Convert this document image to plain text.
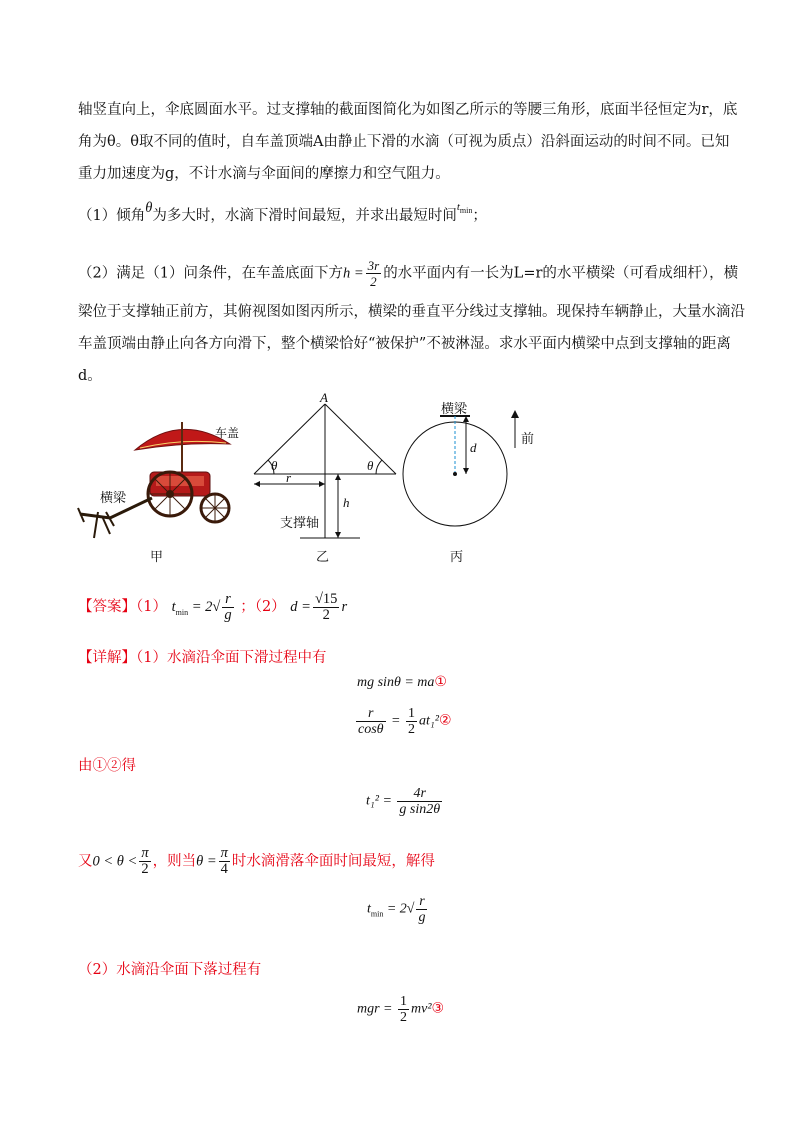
轴竖直向上，伞底圆面水平。过支撑轴的截面图简化为如图乙所示的等腰三角形，底面半径恒定为r，底
角为θ。θ取不同的值时，自车盖顶端A由静止下滑的水滴（可视为质点）沿斜面运动的时间不同。已知
重力加速度为g，不计水滴与伞面间的摩擦力和空气阻力。
（1）倾角θ为多大时，水滴下滑时间最短，并求出最短时间$^{t_{min}}$；
（2）满足（1）问条件，在车盖底面下方$h = \frac{3r}{2}$ 的水平面内有一长为L=r的水平横梁（可看成细杆），横
梁位于支撑轴正前方，其俯视图如图丙所示，横梁的垂直平分线过支撑轴。现保持车辆静止，大量水滴沿
车盖顶端由静止向各方向滑下，整个横梁恰好“被保护”不被淋湿。求水平面内横梁中点到支撑轴的距离
d。
车盖
横梁
甲
A
θ	θ
r
h
支撑轴
乙
横梁
d
前
丙
【答案】（1） $t_{min} = 2√ \frac{r}{g}$ ；（2） $d = \frac{√15}{2}$ r
【详解】（1）水滴沿伞面下滑过程中有
mg sinθ = ma①
$\frac{r}{\cos\theta} = \frac{1}{2}$ at₁²②
由①②得
$t_1^2 = \frac{4r}{\text{g sin2θ}}$
又$0 < \theta < \frac{\pi}{2}$ ，则当$\theta = \frac{\pi}{4}$ 时水滴滑落伞面时间最短，解得
$t_{min} = 2√ \frac{r}{g}$
（2）水滴沿伞面下落过程有
mgr = $\frac{1}{2}$ mv²③
